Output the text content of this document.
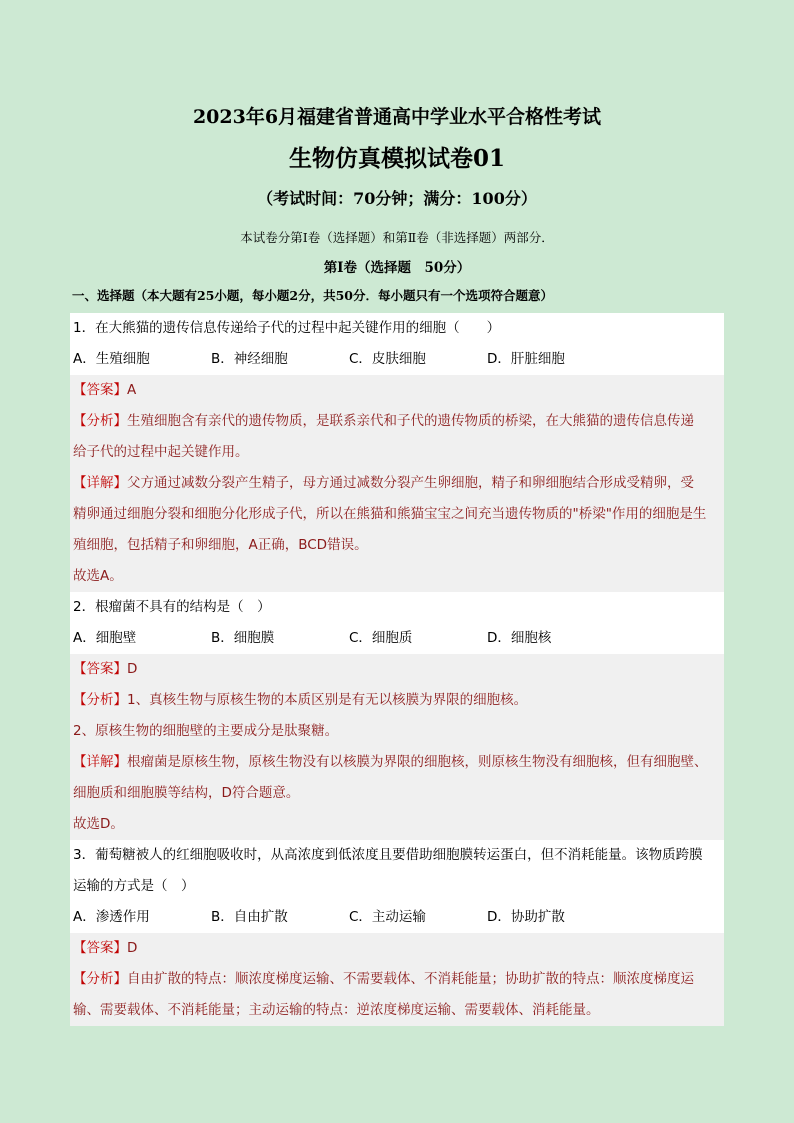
2023年6月福建省普通高中学业水平合格性考试
生物仿真模拟试卷01
（考试时间：70分钟；满分：100分）
本试卷分第Ⅰ卷（选择题）和第Ⅱ卷（非选择题）两部分．
第Ⅰ卷（选择题　50分）
一、选择题（本大题有25小题，每小题2分，共50分．每小题只有一个选项符合题意）
1．在大熊猫的遗传信息传递给子代的过程中起关键作用的细胞（　　）
A．生殖细胞	B．神经细胞	C．皮肤细胞	D．肝脏细胞
【答案】A
【分析】生殖细胞含有亲代的遗传物质，是联系亲代和子代的遗传物质的桥梁，在大熊猫的遗传信息传递
给子代的过程中起关键作用。
【详解】父方通过减数分裂产生精子，母方通过减数分裂产生卵细胞，精子和卵细胞结合形成受精卵，受
精卵通过细胞分裂和细胞分化形成子代，所以在熊猫和熊猫宝宝之间充当遗传物质的"桥梁"作用的细胞是生
殖细胞，包括精子和卵细胞，A正确，BCD错误。
故选A。
2．根瘤菌不具有的结构是（　）
A．细胞壁	B．细胞膜	C．细胞质	D．细胞核
【答案】D
【分析】1、真核生物与原核生物的本质区别是有无以核膜为界限的细胞核。
2、原核生物的细胞壁的主要成分是肽聚糖。
【详解】根瘤菌是原核生物，原核生物没有以核膜为界限的细胞核，则原核生物没有细胞核，但有细胞壁、
细胞质和细胞膜等结构，D符合题意。
故选D。
3．葡萄糖被人的红细胞吸收时，从高浓度到低浓度且要借助细胞膜转运蛋白，但不消耗能量。该物质跨膜
运输的方式是（　）
A．渗透作用	B．自由扩散	C．主动运输	D．协助扩散
【答案】D
【分析】自由扩散的特点：顺浓度梯度运输、不需要载体、不消耗能量；协助扩散的特点：顺浓度梯度运
输、需要载体、不消耗能量；主动运输的特点：逆浓度梯度运输、需要载体、消耗能量。
